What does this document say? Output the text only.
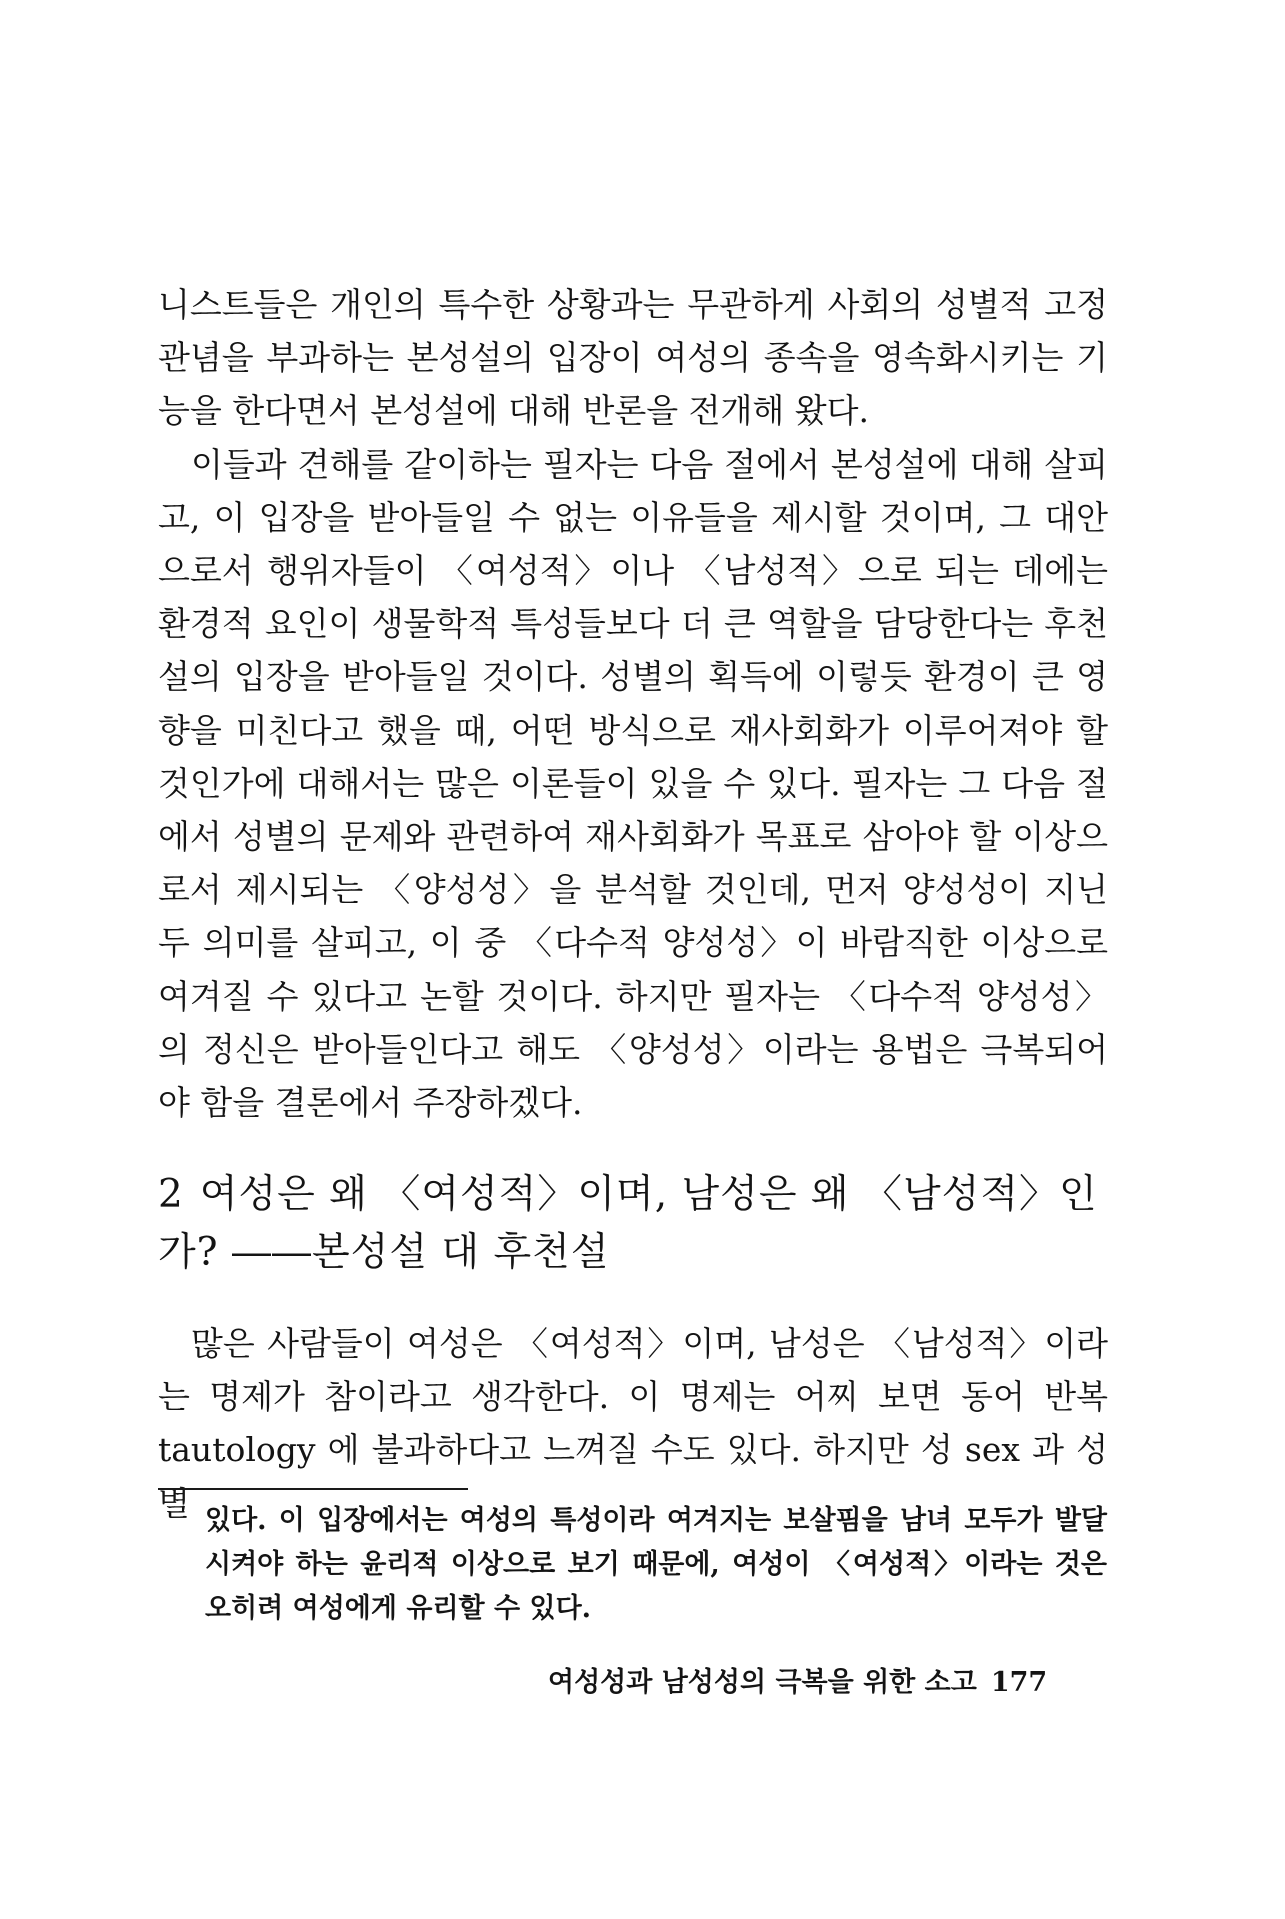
니스트들은 개인의 특수한 상황과는 무관하게 사회의 성별적 고정 관념을 부과하는 본성설의 입장이 여성의 종속을 영속화시키는 기능을 한다면서 본성설에 대해 반론을 전개해 왔다.

이들과 견해를 같이하는 필자는 다음 절에서 본성설에 대해 살피고, 이 입장을 받아들일 수 없는 이유들을 제시할 것이며, 그 대안으로서 행위자들이 〈여성적〉이나 〈남성적〉으로 되는 데에는 환경적 요인이 생물학적 특성들보다 더 큰 역할을 담당한다는 후천설의 입장을 받아들일 것이다. 성별의 획득에 이렇듯 환경이 큰 영향을 미친다고 했을 때, 어떤 방식으로 재사회화가 이루어져야 할 것인가에 대해서는 많은 이론들이 있을 수 있다. 필자는 그 다음 절에서 성별의 문제와 관련하여 재사회화가 목표로 삼아야 할 이상으로서 제시되는 〈양성성〉을 분석할 것인데, 먼저 양성성이 지닌 두 의미를 살피고, 이 중 〈다수적 양성성〉이 바람직한 이상으로 여겨질 수 있다고 논할 것이다. 하지만 필자는 〈다수적 양성성〉의 정신은 받아들인다고 해도 〈양성성〉이라는 용법은 극복되어야 함을 결론에서 주장하겠다.

2 여성은 왜 〈여성적〉이며, 남성은 왜 〈남성적〉인가? ――본성설 대 후천설

많은 사람들이 여성은 〈여성적〉이며, 남성은 〈남성적〉이라는 명제가 참이라고 생각한다. 이 명제는 어찌 보면 동어 반복 tautology 에 불과하다고 느껴질 수도 있다. 하지만 성 sex 과 성별 있다. 이 입장에서는 여성의 특성이라 여겨지는 보살핌을 남녀 모두가 발달시켜야 하는 윤리적 이상으로 보기 때문에, 여성이 〈여성적〉이라는 것은 오히려 여성에게 유리할 수 있다.
여성성과 남성성의 극복을 위한 소고 177
